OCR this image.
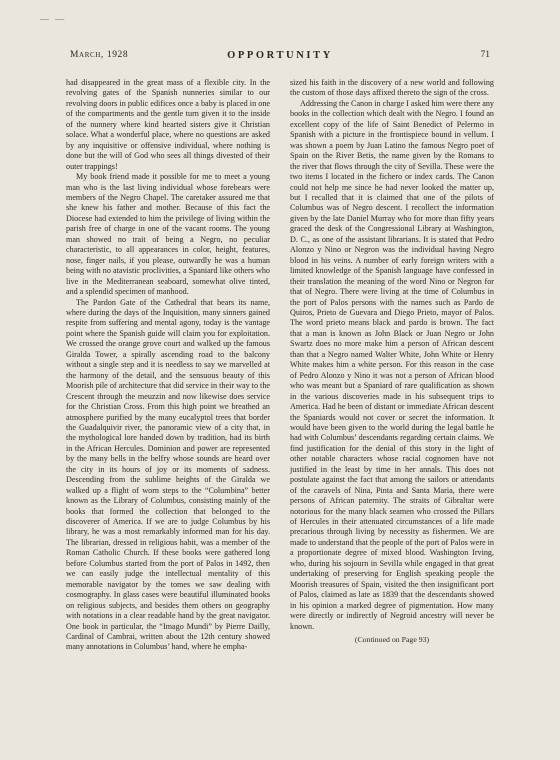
— —
March, 1928	OPPORTUNITY	71

had disappeared in the great mass of a flexible city. In the revolving gates of the Spanish nunneries similar to our revolving doors in public edifices once a baby is placed in one of the compartments and the gentle turn given it to the inside of the nunnery where kind hearted sisters give it Christian solace. What a wonderful place, where no questions are asked by any inquisitive or offensive individual, where nothing is done but the will of God who sees all things divested of their outer trappings!

My book friend made it possible for me to meet a young man who is the last living individual whose forebears were members of the Negro Chapel. The caretaker assured me that she knew his father and mother. Because of this fact the Diocese had extended to him the privilege of living within the parish free of charge in one of the vacant rooms. The young man showed no trait of being a Negro, no peculiar characteristic, to all appearances in color, height, features, nose, finger nails, if you please, outwardly he was a human being with no atavistic proclivities, a Spaniard like others who live in the Mediterranean seaboard, somewhat olive tinted, and a splendid specimen of manhood.

The Pardon Gate of the Cathedral that bears its name, where during the days of the Inquisition, many sinners gained respite from suffering and mental agony, today is the vantage point where the Spanish guide will claim you for exploitation. We crossed the orange grove court and walked up the famous Giralda Tower, a spirally ascending road to the balcony without a single step and it is needless to say we marvelled at the harmony of the detail, and the sensuous beauty of this Moorish pile of architecture that did service in their way to the Crescent through the meuzzin and now likewise does service for the Christian Cross. From this high point we breathed an atmosphere purified by the many eucalyptol trees that border the Guadalquivir river, the panoramic view of a city that, in the mythological lore handed down by tradition, had its birth in the African Hercules. Dominion and power are represented by the many bells in the belfry whose sounds are heard over the city in its hours of joy or its moments of sadness. Descending from the sublime heights of the Giralda we walked up a flight of worn steps to the “Columbina” better known as the Library of Columbus, consisting mainly of the books that formed the collection that belonged to the discoverer of America. If we are to judge Columbus by his library, he was a most remarkably informed man for his day. The librarian, dressed in religious habit, was a member of the Roman Catholic Church. If these books were gathered long before Columbus started from the port of Palos in 1492, then we can easily judge the intellectual mentality of this memorable navigator by the tomes we saw dealing with cosmography. In glass cases were beautiful illuminated books on religious subjects, and besides them others on geography with notations in a clear readable hand by the great navigator. One book in particular, the “Imago Mundi” by Pierre Dailly, Cardinal of Cambrai, written about the 12th century showed many annotations in Columbus’ hand, where he empha-

sized his faith in the discovery of a new world and following the custom of those days affixed thereto the sign of the cross.

Addressing the Canon in charge I asked him were there any books in the collection which dealt with the Negro. I found an excellent copy of the life of Saint Benedict of Pelermo in Spanish with a picture in the frontispiece bound in vellum. I was shown a poem by Juan Latino the famous Negro poet of Spain on the River Betis, the name given by the Romans to the river that flows through the city of Sevilla. These were the two items I located in the fichero or index cards. The Canon could not help me since he had never looked the matter up, but I recalled that it is claimed that one of the pilots of Columbus was of Negro descent. I recollect the information given by the late Daniel Murray who for more than fifty years graced the desk of the Congressional Library at Washington, D. C., as one of the assistant librarians. It is stated that Pedro Alonzo y Nino or Negron was the individual having Negro blood in his veins. A number of early foreign writers with a limited knowledge of the Spanish language have confessed in their translation the meaning of the word Nino or Negron for that of Negro. There were living at the time of Columbus in the port of Palos persons with the names such as Pardo de Quiros, Prieto de Guevara and Diego Prieto, mayor of Palos. The word prieto means black and pardo is brown. The fact that a man is known as John Black or Juan Negro or John Swartz does no more make him a person of African descent than that a Negro named Walter White, John White or Henry White makes him a white person. For this reason in the case of Pedro Alonzo y Nino it was not a person of African blood who was meant but a Spaniard of rare qualification as shown in the various discoveries made in his subsequent trips to America. Had he been of distant or immediate African descent the Spaniards would not cover or secret the information. It would have been given to the world during the legal battle he had with Columbus’ descendants regarding certain claims. We find justification for the denial of this story in the light of other notable characters whose racial cognomen have not justified in the least by time in her annals. This does not postulate against the fact that among the sailors or attendants of the caravels of Nina, Pinta and Santa Maria, there were persons of African paternity. The straits of Gibraltar were notorious for the many black seamen who crossed the Pillars of Hercules in their attenuated circumstances of a life made precarious through living by necessity as fishermen. We are made to understand that the people of the port of Palos were in a proportionate degree of mixed blood. Washington Irving, who, during his sojourn in Sevilla while engaged in that great undertaking of preserving for English speaking people the Moorish treasures of Spain, visited the then insignificant port of Palos, claimed as late as 1839 that the descendants showed in his opinion a marked degree of pigmentation. How many were directly or indirectly of Negroid ancestry will never be known.

(Continued on Page 93)
